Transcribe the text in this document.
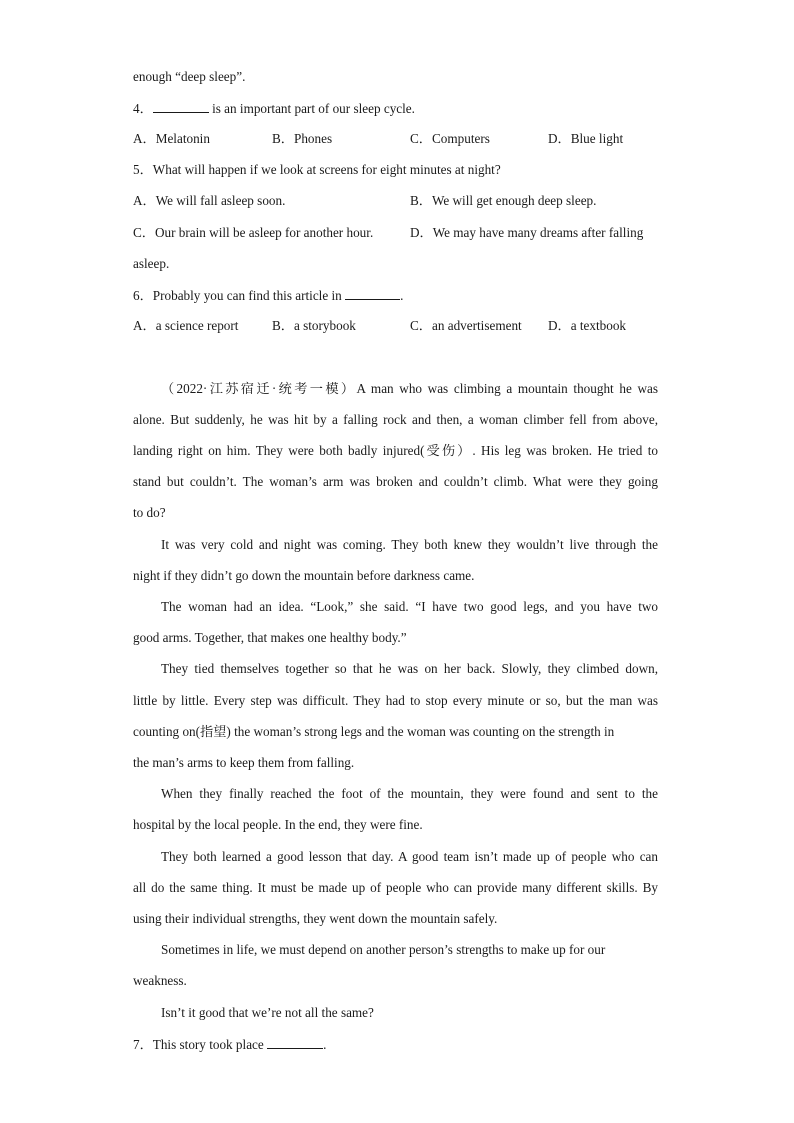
enough “deep sleep”.
4．	is an important part of our sleep cycle.
A．Melatonin	B．Phones	C．Computers	D．Blue light
5．What will happen if we look at screens for eight minutes at night?
A．We will fall asleep soon.	B．We will get enough deep sleep.
C．Our brain will be asleep for another hour.	D．We may have many dreams after falling
asleep.
6．Probably you can find this article in	.
A．a science report	B．a storybook	C．an advertisement D．a textbook
（2022·江苏宿迁·统考一模）A man who was climbing a mountain thought he was
alone. But suddenly, he was hit by a falling rock and then, a woman climber fell from above,
landing right on him. They were both badly injured(受伤）. His leg was broken. He tried to
stand but couldn’t. The woman’s arm was broken and couldn’t climb. What were they going
to do?
It was very cold and night was coming. They both knew they wouldn’t live through the
night if they didn’t go down the mountain before darkness came.
The woman had an idea. “Look,” she said. “I have two good legs, and you have two
good arms. Together, that makes one healthy body.”
They tied themselves together so that he was on her back. Slowly, they climbed down,
little by little. Every step was difficult. They had to stop every minute or so, but the man was
counting on(指望) the woman’s strong legs and the woman was counting on the strength in
the man’s arms to keep them from falling.
When they finally reached the foot of the mountain, they were found and sent to the
hospital by the local people. In the end, they were fine.
They both learned a good lesson that day. A good team isn’t made up of people who can
all do the same thing. It must be made up of people who can provide many different skills. By
using their individual strengths, they went down the mountain safely.
Sometimes in life, we must depend on another person’s strengths to make up for our
weakness.
Isn’t it good that we’re not all the same?
7．This story took place	.
